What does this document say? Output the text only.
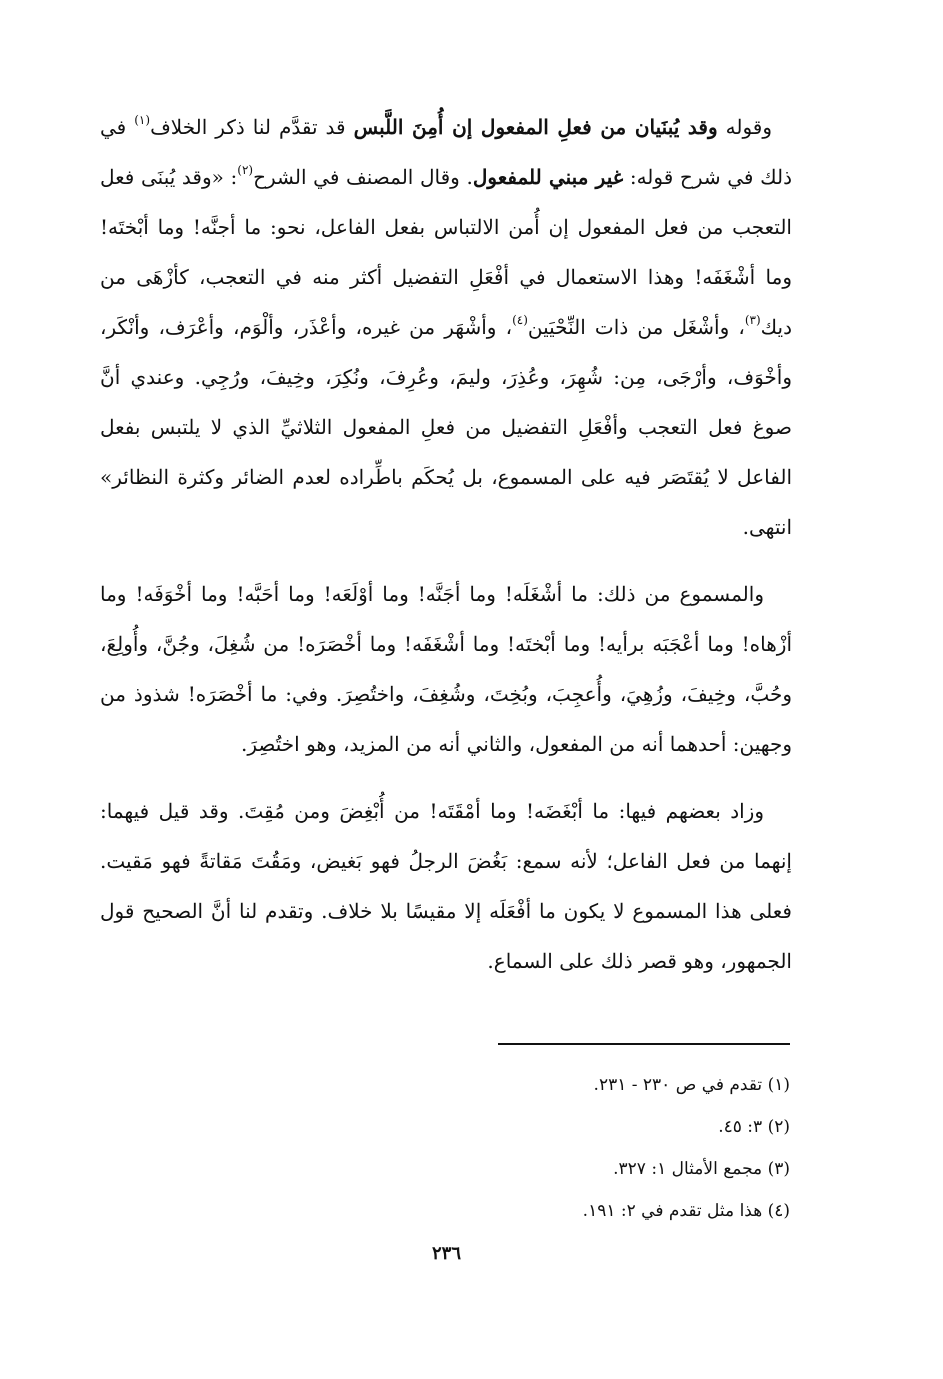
وقوله وقد يُبنَيان من فعلِ المفعول إن أُمِنَ اللَّبس قد تقدَّم لنا ذكر الخلاف$^{(١)}$ في ذلك في شرح قوله: غير مبني للمفعول. وقال المصنف في الشرح$^{(٢)}$: «وقد يُبنَى فعل التعجب من فعل المفعول إن أُمن الالتباس بفعل الفاعل، نحو: ما أجنَّه! وما أبْختَه! وما أشْغَفَه! وهذا الاستعمال في أفْعَلِ التفضيل أكثر منه في التعجب، كأزْهَى من ديك$^{(٣)}$، وأشْغَل من ذات النِّحْيَين$^{(٤)}$، وأشْهَر من غيره، وأعْذَر، وألْوَم، وأعْرَف، وأنْكَر، وأخْوَف، وأرْجَى، مِن: شُهِرَ، وعُذِرَ، وليمَ، وعُرِفَ، ونُكِرَ، وخِيفَ، ورُجِي. وعندي أنَّ صوغ فعل التعجب وأفْعَلِ التفضيل من فعلِ المفعول الثلاثيِّ الذي لا يلتبس بفعل الفاعل لا يُقتَصَر فيه على المسموع، بل يُحكَم باطِّراده لعدم الضائر وكثرة النظائر» انتهى.

والمسموع من ذلك: ما أشْغَلَه! وما أجَنَّه! وما أوْلَعَه! وما أحَبَّه! وما أخْوَفَه! وما أزْهاه! وما أعْجَبَه برأيه! وما أبْختَه! وما أشْغَفَه! وما أخْصَرَه! من شُغِلَ، وجُنَّ، وأُولِعَ، وحُبَّ، وخِيفَ، وزُهِيَ، وأُعجِبَ، وبُخِتَ، وشُغِفَ، واختُصِرَ. وفي: ما أخْصَرَه! شذوذ من وجهين: أحدهما أنه من المفعول، والثاني أنه من المزيد، وهو اختُصِرَ.

وزاد بعضهم فيها: ما أبْغَضَه! وما أمْقَتَه! من أُبْغِضَ ومن مُقِتَ. وقد قيل فيهما: إنهما من فعل الفاعل؛ لأنه سمع: بَغُضَ الرجلُ فهو بَغيض، ومَقُتَ مَقاتةً فهو مَقيت. فعلى هذا المسموع لا يكون ما أفْعَلَه إلا مقيسًا بلا خلاف. وتقدم لنا أنَّ الصحيح قول الجمهور، وهو قصر ذلك على السماع.

(١) تقدم في ص ٢٣٠ - ٢٣١.

(٢) ٣: ٤٥.

(٣) مجمع الأمثال ١: ٣٢٧.

(٤) هذا مثل تقدم في ٢: ١٩١.

٢٣٦
